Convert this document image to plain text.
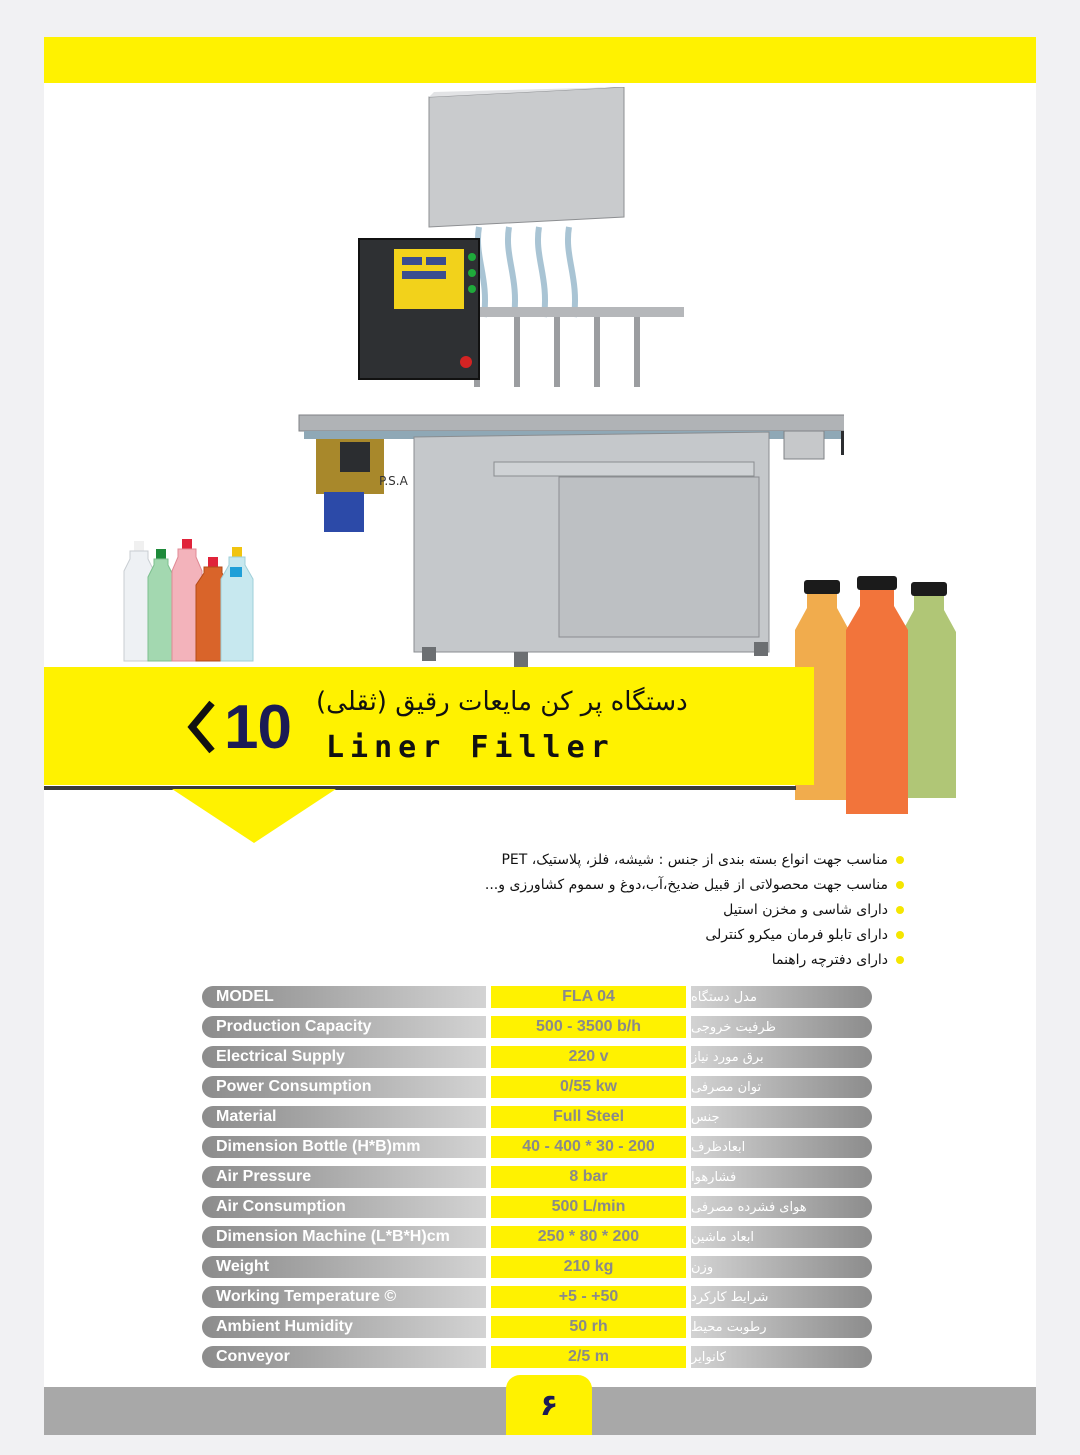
P.S.A
10 دستگاه پر کن مایعات رقیق (ثقلی)
Liner Filler
مناسب جهت انواع بسته بندی از جنس : شیشه، فلز، پلاستیک، PET
مناسب جهت محصولاتی از قبیل ضدیخ،آب،دوغ و سموم کشاورزی و...
دارای شاسی و مخزن استیل
دارای تابلو فرمان میکرو کنترلی
دارای دفترچه راهنما
MODEL	FLA 04	مدل دستگاه
Production Capacity	500 - 3500 b/h	ظرفیت خروجی
Electrical Supply	220 v	برق مورد نیاز
Power Consumption	0/55 kw	توان مصرفی
Material	Full Steel	جنس
Dimension Bottle (H*B)mm	40 - 400 * 30 - 200	ابعادظرف
Air Pressure	8 bar	فشارهوا
Air Consumption	500 L/min	هوای فشرده مصرفی
Dimension Machine (L*B*H)cm	250 * 80 * 200	ابعاد ماشین
Weight	210 kg	وزن
Working Temperature ©	+5 - +50	شرایط کارکرد
Ambient Humidity	50 rh	رطوبت محیط
Conveyor	2/5 m	کانوایر
۶
